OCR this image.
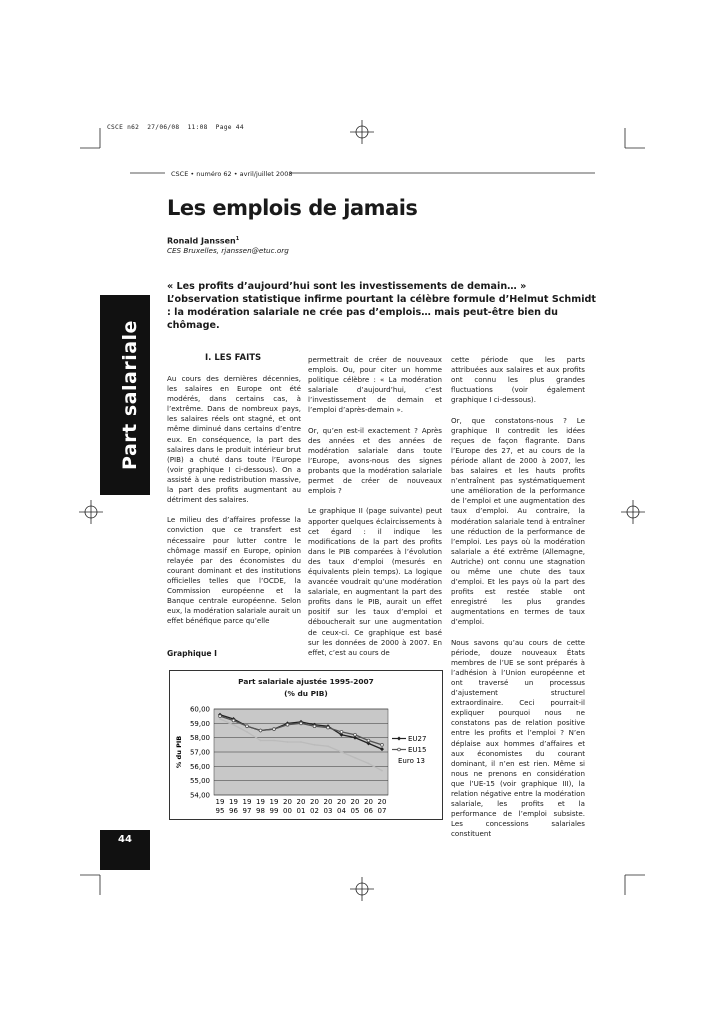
CSCE n62  27/06/08  11:08  Page 44
CSCE • numéro 62 • avril/juillet 2008
Les emplois de jamais
Ronald Janssen$^1$
CES Bruxelles, rjanssen@etuc.org
« Les profits d’aujourd’hui sont les investissements de demain… » L’observation statistique infirme pourtant la célèbre formule d’Helmut Schmidt : la modération salariale ne crée pas d’emplois… mais peut-être bien du chômage.
Part salariale	I. LES FAITS

Au cours des dernières décennies, les salaires en Europe ont été modérés, dans certains cas, à l’extrême. Dans de nombreux pays, les salaires réels ont stagné, et ont même diminué dans certains d’entre eux. En conséquence, la part des salaires dans le produit intérieur brut (PIB) a chuté dans toute l’Europe (voir graphique I ci-dessous). On a assisté à une redistribution massive, la part des profits augmentant au détriment des salaires.

Le milieu des d’affaires professe la conviction que ce transfert est nécessaire pour lutter contre le chômage massif en Europe, opinion relayée par des économistes du courant dominant et des institutions officielles telles que l’OCDE, la Commission européenne et la Banque centrale européenne. Selon eux, la modération salariale aurait un effet bénéfique parce qu’elle

permettrait de créer de nouveaux emplois. Ou, pour citer un homme politique célèbre : « La modération salariale d’aujourd’hui, c’est l’investissement de demain et l’emploi d’après-demain ».

Or, qu’en est-il exactement ? Après des années et des années de modération salariale dans toute l’Europe, avons-nous des signes probants que la modération salariale permet de créer de nouveaux emplois ?

Le graphique II (page suivante) peut apporter quelques éclaircissements à cet égard : il indique les modifications de la part des profits dans le PIB comparées à l’évolution des taux d’emploi (mesurés en équivalents plein temps). La logique avancée voudrait qu’une modération salariale, en augmentant la part des profits dans le PIB, aurait un effet positif sur les taux d’emploi et déboucherait sur une augmentation de ceux-ci. Ce graphique est basé sur les données de 2000 à 2007. En effet, c’est au cours de

cette période que les parts attribuées aux salaires et aux profits ont connu les plus grandes fluctuations (voir également graphique I ci-dessous).

Or, que constatons-nous ? Le graphique II contredit les idées reçues de façon flagrante. Dans l’Europe des 27, et au cours de la période allant de 2000 à 2007, les bas salaires et les hauts profits n’entraînent pas systématiquement une amélioration de la performance de l’emploi et une augmentation des taux d’emploi. Au contraire, la modération salariale tend à entraîner une réduction de la performance de l’emploi. Les pays où la modération salariale a été extrême (Allemagne, Autriche) ont connu une stagnation ou même une chute des taux d’emploi. Et les pays où la part des profits est restée stable ont enregistré les plus grandes augmentations en termes de taux d’emploi.

Nous savons qu’au cours de cette période, douze nouveaux États membres de l’UE se sont préparés à l’adhésion à l’Union européenne et ont traversé un processus d’ajustement structurel extraordinaire. Ceci pourrait-il expliquer pourquoi nous ne constatons pas de relation positive entre les profits et l’emploi ? N’en déplaise aux hommes d’affaires et aux économistes du courant dominant, il n’en est rien. Même si nous ne prenons en considération que l’UE-15 (voir graphique III), la relation négative entre la modération salariale, les profits et la performance de l’emploi subsiste. Les concessions salariales constituent

Graphique I
Part salariale ajustée 1995-2007
(% du PIB)
60,00
59,00
58,00
57,00
56,00
55,00
54,00
19
95
19
96
19
97
19
98
19
99
20
00
20
01
20
02
20
03
20
04
20
05
20
06
20
07
% du PIB	EU27
EU15
Euro 13
44
